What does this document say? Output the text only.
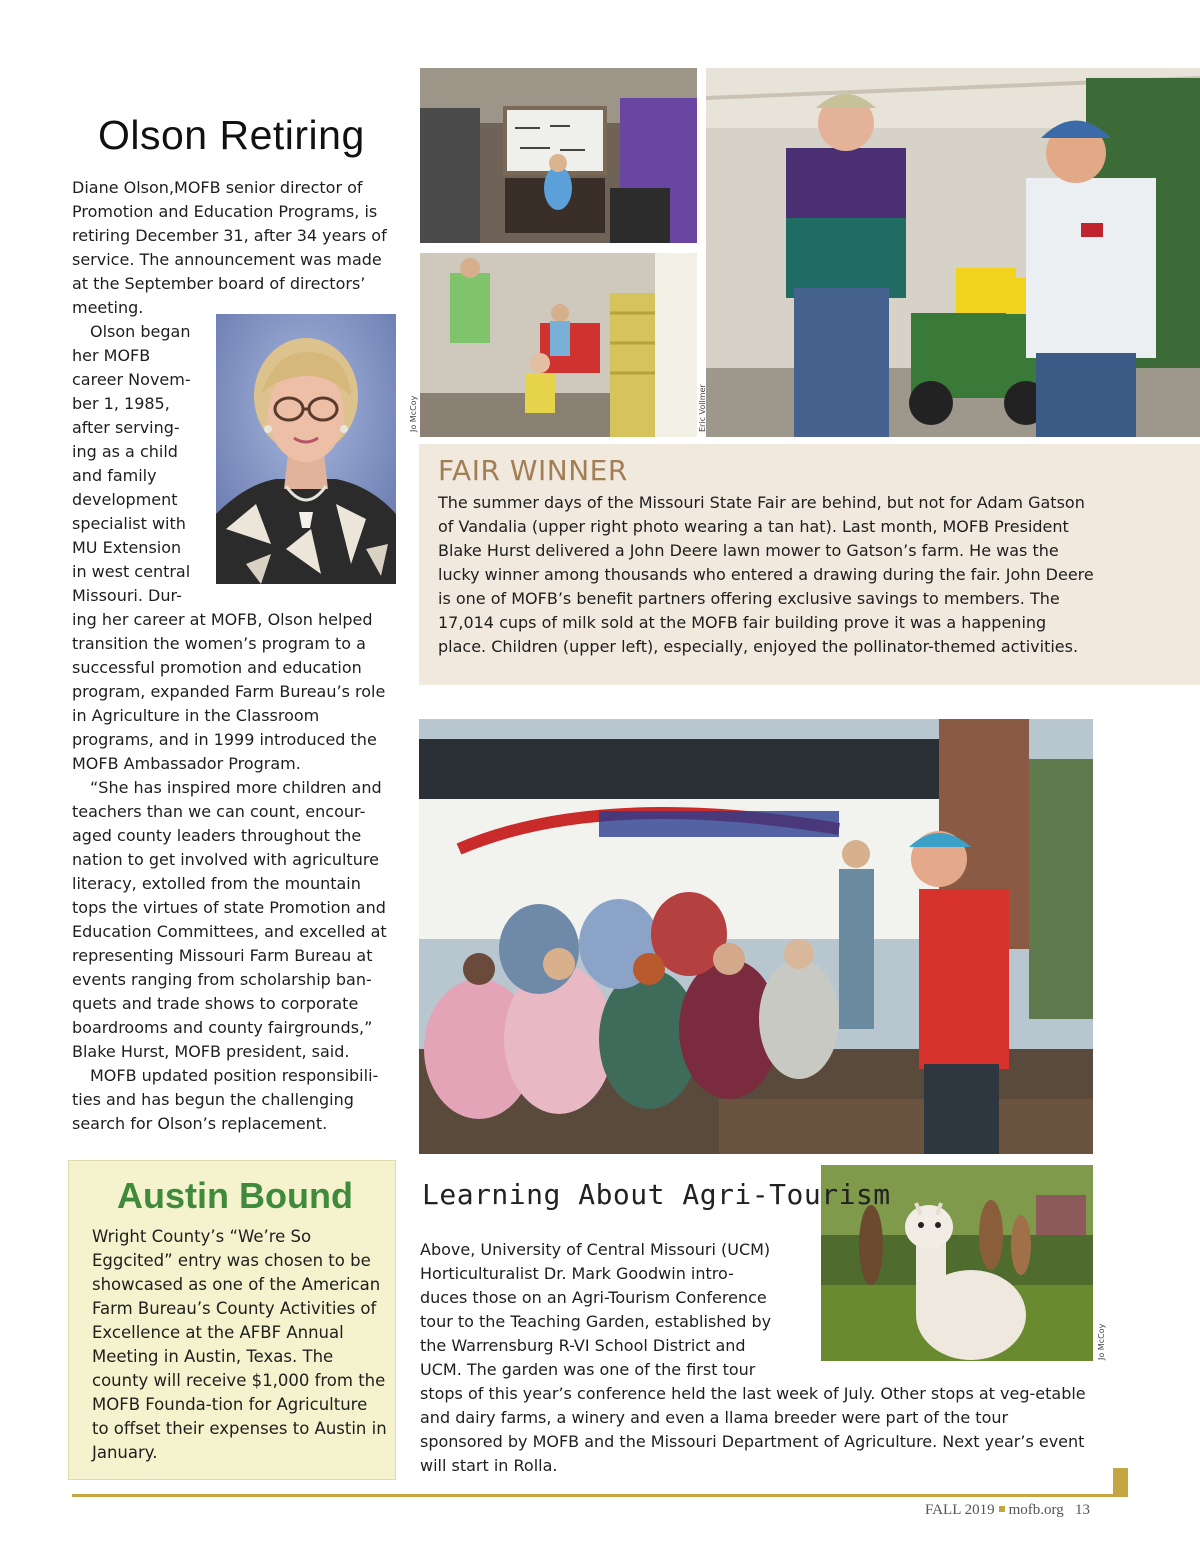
Olson Retiring

Diane Olson,MOFB senior director of Promotion and Education Programs, is retiring December 31, after 34 years of service. The announcement was made at the September board of directors’ meeting.

Olson began
her MOFB
career Novem-
ber 1, 1985,
after serving-
ing as a child
and family
development
specialist with
MU Extension
in west central
Missouri. Dur-

ing her career at MOFB, Olson helped transition the women’s program to a successful promotion and education program, expanded Farm Bureau’s role in Agriculture in the Classroom programs, and in 1999 introduced the MOFB Ambassador Program.

“She has inspired more children and teachers than we can count, encour-aged county leaders throughout the nation to get involved with agriculture literacy, extolled from the mountain tops the virtues of state Promotion and Education Committees, and excelled at representing Missouri Farm Bureau at events ranging from scholarship ban-quets and trade shows to corporate boardrooms and county fairgrounds,” Blake Hurst, MOFB president, said.

MOFB updated position responsibili-ties and has begun the challenging search for Olson’s replacement.

Austin Bound
Wright County’s “We’re So Eggcited” entry was chosen to be showcased as one of the American Farm Bureau’s County Activities of Excellence at the AFBF Annual Meeting in Austin, Texas. The county will receive $1,000 from the MOFB Founda-tion for Agriculture to offset their expenses to Austin in January.
Jo McCoy	Eric Vollmer
FAIR WINNER
The summer days of the Missouri State Fair are behind, but not for Adam Gatson of Vandalia (upper right photo wearing a tan hat). Last month, MOFB President Blake Hurst delivered a John Deere lawn mower to Gatson’s farm. He was the lucky winner among thousands who entered a drawing during the fair. John Deere is one of MOFB’s benefit partners offering exclusive savings to members. The 17,014 cups of milk sold at the MOFB fair building prove it was a happening place. Children (upper left), especially, enjoyed the pollinator-themed activities.
Jo McCoy
Learning About Agri-Tourism
Above, University of Central Missouri (UCM)
Horticulturalist Dr. Mark Goodwin intro-
duces those on an Agri-Tourism Conference
tour to the Teaching Garden, established by
the Warrensburg R-VI School District and
UCM. The garden was one of the first tour

stops of this year’s conference held the last week of July. Other stops at veg-etable and dairy farms, a winery and even a llama breeder were part of the tour sponsored by MOFB and the Missouri Department of Agriculture. Next year’s event will start in Rolla.

FALL 2019 mofb.org 13
